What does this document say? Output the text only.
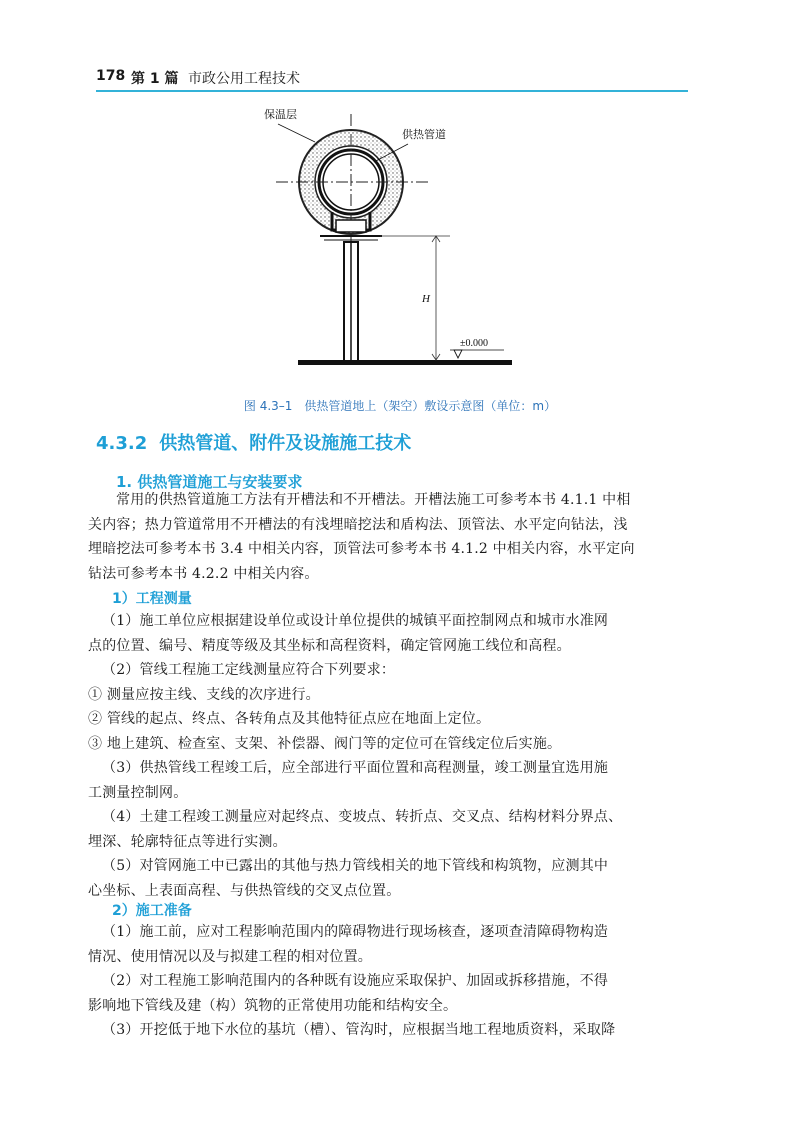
178 第 1 篇 市政公用工程技术
H
±0.000
保温层
供热管道
图 4.3–1　供热管道地上（架空）敷设示意图（单位：m）
4.3.2 供热管道、附件及设施施工技术
1. 供热管道施工与安装要求

常用的供热管道施工方法有开槽法和不开槽法。开槽法施工可参考本书 4.1.1 中相

关内容；热力管道常用不开槽法的有浅埋暗挖法和盾构法、顶管法、水平定向钻法，浅

埋暗挖法可参考本书 3.4 中相关内容，顶管法可参考本书 4.1.2 中相关内容，水平定向

钻法可参考本书 4.2.2 中相关内容。

1）工程测量

（1）施工单位应根据建设单位或设计单位提供的城镇平面控制网点和城市水准网

点的位置、编号、精度等级及其坐标和高程资料，确定管网施工线位和高程。

（2）管线工程施工定线测量应符合下列要求：

① 测量应按主线、支线的次序进行。

② 管线的起点、终点、各转角点及其他特征点应在地面上定位。

③ 地上建筑、检查室、支架、补偿器、阀门等的定位可在管线定位后实施。

（3）供热管线工程竣工后，应全部进行平面位置和高程测量，竣工测量宜选用施

工测量控制网。

（4）土建工程竣工测量应对起终点、变坡点、转折点、交叉点、结构材料分界点、

埋深、轮廓特征点等进行实测。

（5）对管网施工中已露出的其他与热力管线相关的地下管线和构筑物，应测其中

心坐标、上表面高程、与供热管线的交叉点位置。

2）施工准备

（1）施工前，应对工程影响范围内的障碍物进行现场核查，逐项查清障碍物构造

情况、使用情况以及与拟建工程的相对位置。

（2）对工程施工影响范围内的各种既有设施应采取保护、加固或拆移措施，不得

影响地下管线及建（构）筑物的正常使用功能和结构安全。

（3）开挖低于地下水位的基坑（槽）、管沟时，应根据当地工程地质资料，采取降
